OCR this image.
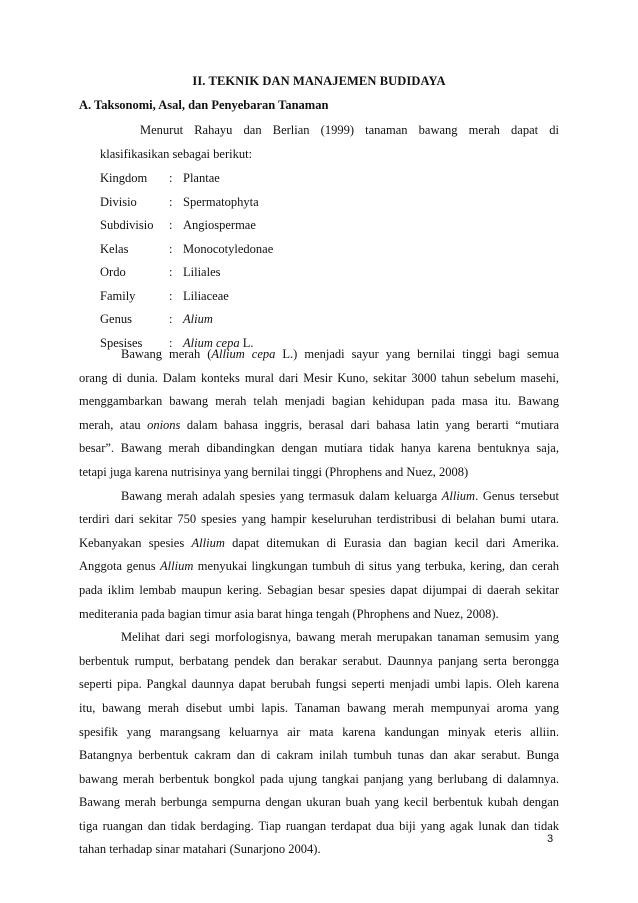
II. TEKNIK DAN MANAJEMEN BUDIDAYA
A. Taksonomi, Asal, dan Penyebaran Tanaman
Menurut Rahayu dan Berlian (1999) tanaman bawang merah dapat di
klasifikasikan sebagai berikut:
Kingdom	: Plantae
Divisio	: Spermatophyta
Subdivisio	: Angiospermae
Kelas	: Monocotyledonae
Ordo	: Liliales
Family	: Liliaceae
Genus	: Alium
Spesises	: Alium cepa L.
Bawang merah (Allium cepa L.) menjadi sayur yang bernilai tinggi bagi semua
orang di dunia. Dalam konteks mural dari Mesir Kuno, sekitar 3000 tahun sebelum masehi,
menggambarkan bawang merah telah menjadi bagian kehidupan pada masa itu. Bawang
merah, atau onions dalam bahasa inggris, berasal dari bahasa latin yang berarti “mutiara
besar”. Bawang merah dibandingkan dengan mutiara tidak hanya karena bentuknya saja,
tetapi juga karena nutrisinya yang bernilai tinggi (Phrophens and Nuez, 2008)
Bawang merah adalah spesies yang termasuk dalam keluarga Allium. Genus tersebut
terdiri dari sekitar 750 spesies yang hampir keseluruhan terdistribusi di belahan bumi utara.
Kebanyakan spesies Allium dapat ditemukan di Eurasia dan bagian kecil dari Amerika.
Anggota genus Allium menyukai lingkungan tumbuh di situs yang terbuka, kering, dan cerah
pada iklim lembab maupun kering. Sebagian besar spesies dapat dijumpai di daerah sekitar
mediterania pada bagian timur asia barat hinga tengah (Phrophens and Nuez, 2008).
Melihat dari segi morfologisnya, bawang merah merupakan tanaman semusim yang
berbentuk rumput, berbatang pendek dan berakar serabut. Daunnya panjang serta berongga
seperti pipa. Pangkal daunnya dapat berubah fungsi seperti menjadi umbi lapis. Oleh karena
itu, bawang merah disebut umbi lapis. Tanaman bawang merah mempunyai aroma yang
spesifik yang marangsang keluarnya air mata karena kandungan minyak eteris alliin.
Batangnya berbentuk cakram dan di cakram inilah tumbuh tunas dan akar serabut. Bunga
bawang merah berbentuk bongkol pada ujung tangkai panjang yang berlubang di dalamnya.
Bawang merah berbunga sempurna dengan ukuran buah yang kecil berbentuk kubah dengan
tiga ruangan dan tidak berdaging. Tiap ruangan terdapat dua biji yang agak lunak dan tidak
tahan terhadap sinar matahari (Sunarjono 2004).
3
